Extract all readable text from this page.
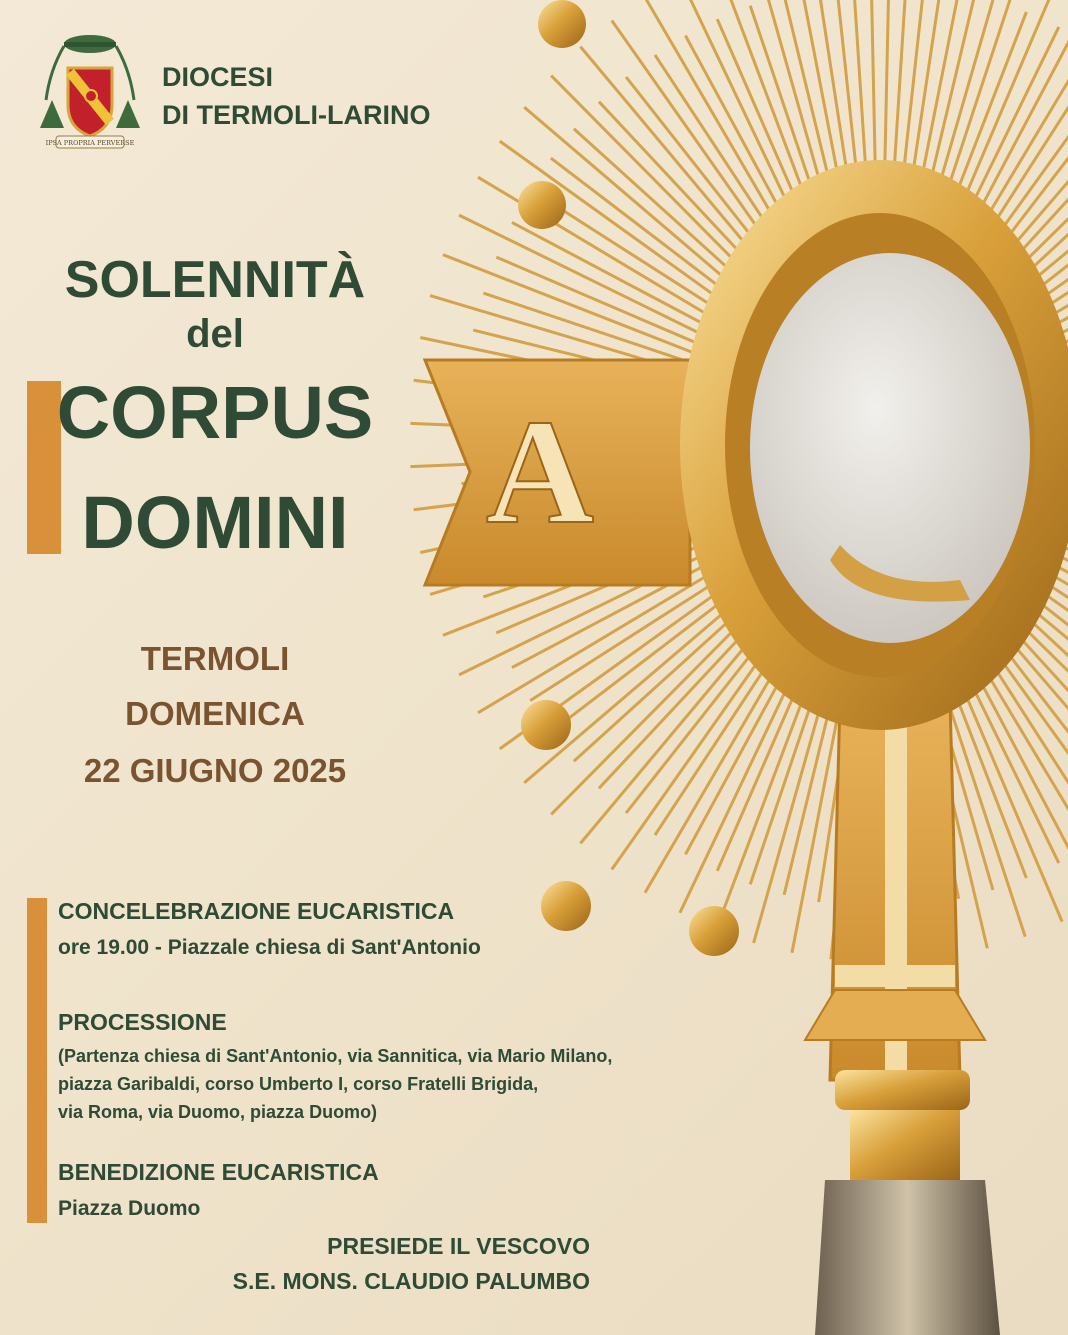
A
IPSA PROPRIA PERVERSE
DIOCESI
DI TERMOLI-LARINO
SOLENNITÀ
del
CORPUS
DOMINI
TERMOLI
DOMENICA
22 GIUGNO 2025
CONCELEBRAZIONE EUCARISTICA
ore 19.00 - Piazzale chiesa di Sant'Antonio
PROCESSIONE
(Partenza chiesa di Sant'Antonio, via Sannitica, via Mario Milano,
piazza Garibaldi, corso Umberto I, corso Fratelli Brigida,
via Roma, via Duomo, piazza Duomo)
BENEDIZIONE EUCARISTICA
Piazza Duomo
PRESIEDE IL VESCOVO
S.E. MONS. CLAUDIO PALUMBO
